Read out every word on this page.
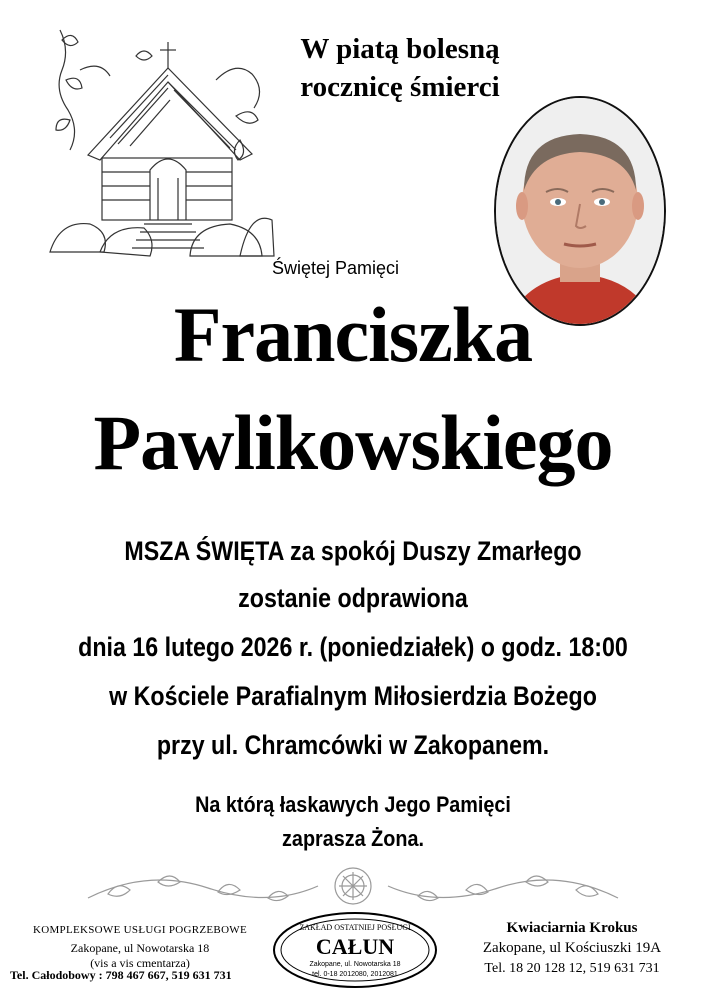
W piatą bolesną
rocznicę śmierci
Świętej Pamięci
Franciszka
Pawlikowskiego
MSZA ŚWIĘTA za spokój Duszy Zmarłego
zostanie odprawiona
dnia 16 lutego 2026 r. (poniedziałek) o godz. 18:00
w Kościele Parafialnym Miłosierdzia Bożego
przy ul. Chramcówki w Zakopanem.
Na którą łaskawych Jego Pamięci
zaprasza Żona.
KOMPLEKSOWE USŁUGI POGRZEBOWE
Zakopane, ul Nowotarska 18
(vis a vis cmentarza)
Tel. Całodobowy : 798 467 667, 519 631 731
ZAKŁAD OSTATNIEJ POSŁUGI
CAŁUN
Zakopane, ul. Nowotarska 18
tel. 0-18 2012080, 2012081
Kwiaciarnia Krokus
Zakopane, ul Kościuszki 19A
Tel. 18 20 128 12, 519 631 731
